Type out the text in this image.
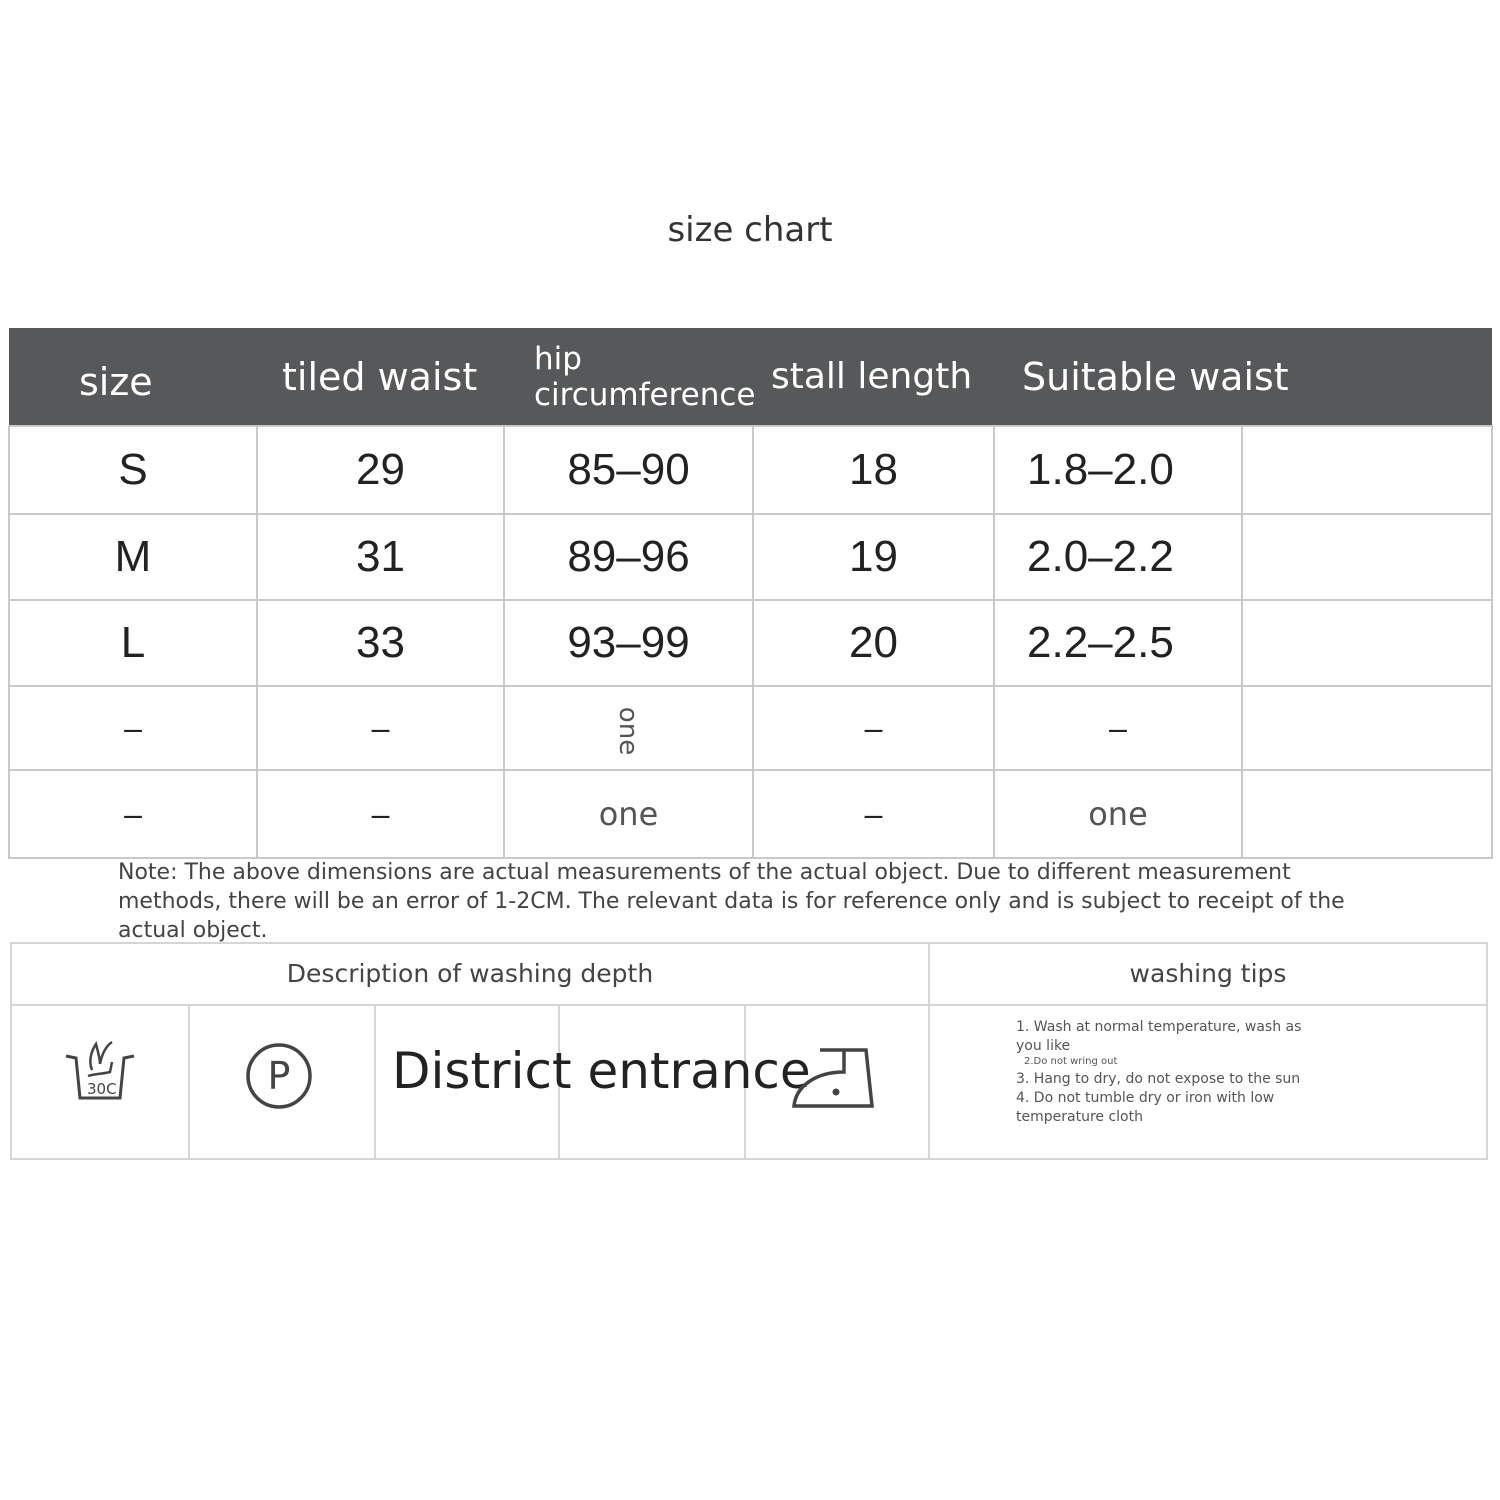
size chart
size	tiled waist	hip circumference	stall length	Suitable waist	

S	29	85–90	18	1.8–2.0	
M	31	89–96	19	2.0–2.2	
L	33	93–99	20	2.2–2.5	
–	–	one	–	–	
–	–	one	–	one	
Note: The above dimensions are actual measurements of the actual object. Due to different measurement methods, there will be an error of 1-2CM. The relevant data is for reference only and is subject to receipt of the actual object.
Description of washing depth	washing tips
30C	P District entrance
1. Wash at normal temperature, wash as you like
2.Do not wring out
3. Hang to dry, do not expose to the sun
4. Do not tumble dry or iron with low temperature cloth
